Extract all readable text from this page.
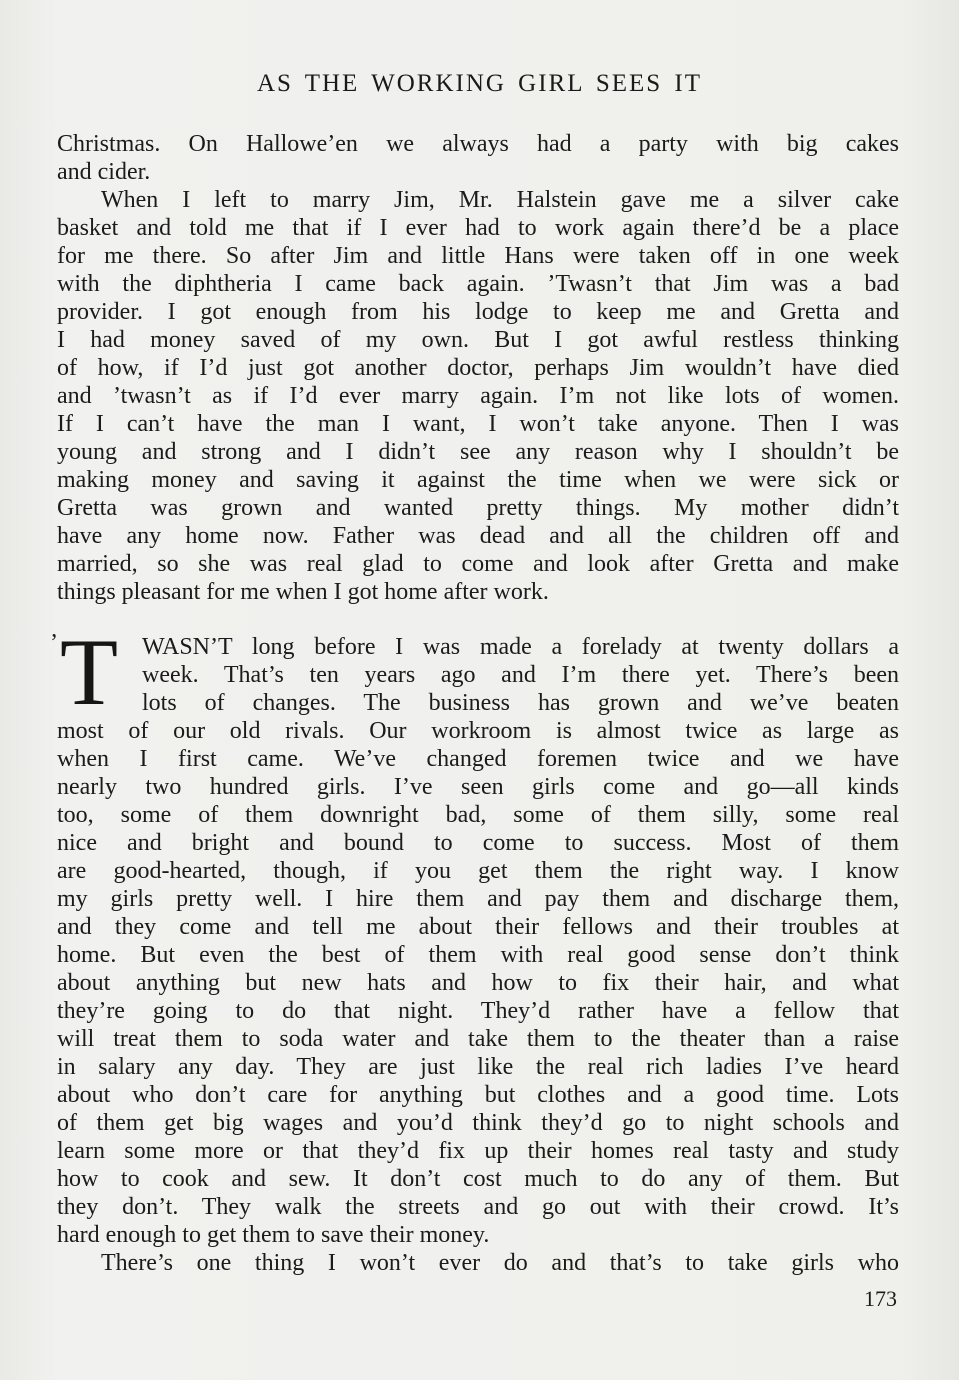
AS THE WORKING GIRL SEES IT
Christmas. On Hallowe’en we always had a party with big cakes
and cider.
When I left to marry Jim, Mr. Halstein gave me a silver cake
basket and told me that if I ever had to work again there’d be a place
for me there. So after Jim and little Hans were taken off in one week
with the diphtheria I came back again. ’Twasn’t that Jim was a bad
provider. I got enough from his lodge to keep me and Gretta and
I had money saved of my own. But I got awful restless thinking
of how, if I’d just got another doctor, perhaps Jim wouldn’t have died
and ’twasn’t as if I’d ever marry again. I’m not like lots of women.
If I can’t have the man I want, I won’t take anyone. Then I was
young and strong and I didn’t see any reason why I shouldn’t be
making money and saving it against the time when we were sick or
Gretta was grown and wanted pretty things. My mother didn’t
have any home now. Father was dead and all the children off and
married, so she was real glad to come and look after Gretta and make
things pleasant for me when I got home after work.
’ T WASN’T long before I was made a forelady at twenty dollars a
week. That’s ten years ago and I’m there yet. There’s been
lots of changes. The business has grown and we’ve beaten
most of our old rivals. Our workroom is almost twice as large as
when I first came. We’ve changed foremen twice and we have
nearly two hundred girls. I’ve seen girls come and go—all kinds
too, some of them downright bad, some of them silly, some real
nice and bright and bound to come to success. Most of them
are good-hearted, though, if you get them the right way. I know
my girls pretty well. I hire them and pay them and discharge them,
and they come and tell me about their fellows and their troubles at
home. But even the best of them with real good sense don’t think
about anything but new hats and how to fix their hair, and what
they’re going to do that night. They’d rather have a fellow that
will treat them to soda water and take them to the theater than a raise
in salary any day. They are just like the real rich ladies I’ve heard
about who don’t care for anything but clothes and a good time. Lots
of them get big wages and you’d think they’d go to night schools and
learn some more or that they’d fix up their homes real tasty and study
how to cook and sew. It don’t cost much to do any of them. But
they don’t. They walk the streets and go out with their crowd. It’s
hard enough to get them to save their money.
There’s one thing I won’t ever do and that’s to take girls who
173
